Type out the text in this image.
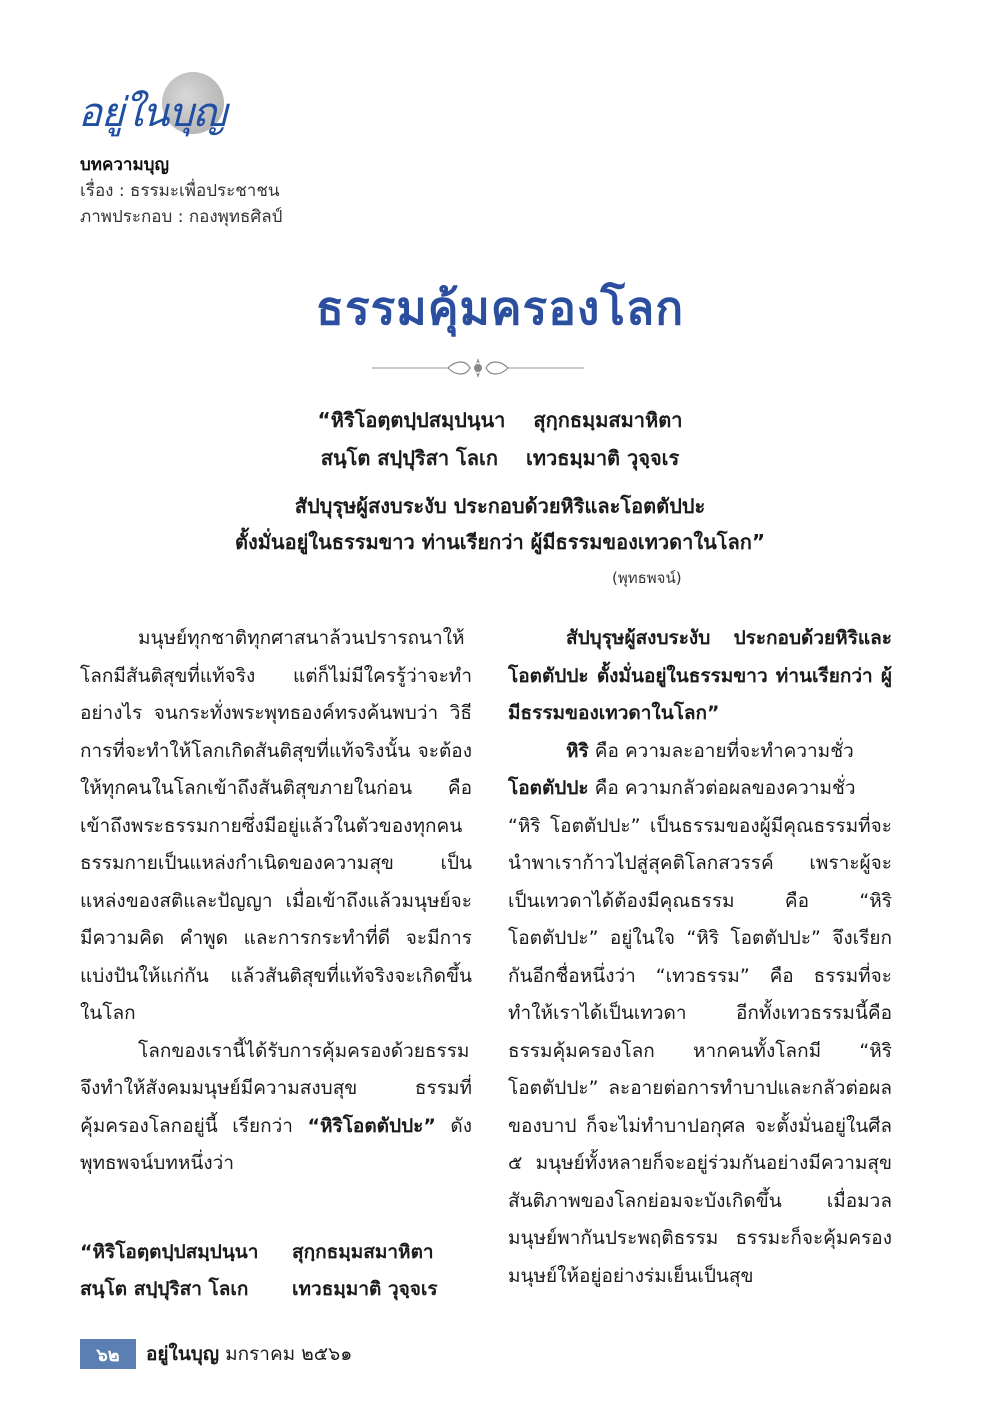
อยู่ในบุญ
บทความบุญ
เรื่อง : ธรรมะเพื่อประชาชน
ภาพประกอบ : กองพุทธศิลป์
ธรรมคุ้มครองโลก
“หิริโอตฺตปฺปสมฺปนฺนา สุกฺกธมฺมสมาหิตา
สนฺโต สปฺปุริสา โลเก เทวธมฺมาติ วุจฺจเร
สัปบุรุษผู้สงบระงับ ประกอบด้วยหิริและโอตตัปปะ
ตั้งมั่นอยู่ในธรรมขาว ท่านเรียกว่า ผู้มีธรรมของเทวดาในโลก”
(พุทธพจน์)

มนุษย์ทุกชาติทุกศาสนาล้วนปรารถนาให้โลกมีสันติสุขที่แท้จริง แต่ก็ไม่มีใครรู้ว่าจะทำอย่างไร จนกระทั่งพระพุทธองค์ทรงค้นพบว่า วิธีการที่จะทำให้โลกเกิดสันติสุขที่แท้จริงนั้น จะต้องให้ทุกคนในโลกเข้าถึงสันติสุขภายในก่อน คือ เข้าถึงพระธรรมกายซึ่งมีอยู่แล้วในตัวของทุกคน ธรรมกายเป็นแหล่งกำเนิดของความสุข เป็นแหล่งของสติและปัญญา เมื่อเข้าถึงแล้วมนุษย์จะมีความคิด คำพูด และการกระทำที่ดี จะมีการแบ่งปันให้แก่กัน แล้วสันติสุขที่แท้จริงจะเกิดขึ้นในโลก

โลกของเรานี้ได้รับการคุ้มครองด้วยธรรม จึงทำให้สังคมมนุษย์มีความสงบสุข ธรรมที่คุ้มครองโลกอยู่นี้ เรียกว่า “หิริโอตตัปปะ” ดังพุทธพจน์บทหนึ่งว่า

“หิริโอตฺตปฺปสมฺปนฺนา	สุกฺกธมฺมสมาหิตา
สนฺโต สปฺปุริสา โลเก	เทวธมฺมาติ วุจฺจเร

สัปบุรุษผู้สงบระงับ ประกอบด้วยหิริและโอตตัปปะ ตั้งมั่นอยู่ในธรรมขาว ท่านเรียกว่า ผู้มีธรรมของเทวดาในโลก”

หิริ คือ ความละอายที่จะทำความชั่ว

โอตตัปปะ คือ ความกลัวต่อผลของความชั่ว

“หิริ โอตตัปปะ” เป็นธรรมของผู้มีคุณธรรมที่จะนำพาเราก้าวไปสู่สุคติโลกสวรรค์ เพราะผู้จะเป็นเทวดาได้ต้องมีคุณธรรม คือ “หิริ โอตตัปปะ” อยู่ในใจ “หิริ โอตตัปปะ” จึงเรียกกันอีกชื่อหนึ่งว่า “เทวธรรม” คือ ธรรมที่จะทำให้เราได้เป็นเทวดา อีกทั้งเทวธรรมนี้คือ ธรรมคุ้มครองโลก หากคนทั้งโลกมี “หิริ โอตตัปปะ” ละอายต่อการทำบาปและกลัวต่อผลของบาป ก็จะไม่ทำบาปอกุศล จะตั้งมั่นอยู่ในศีล ๕ มนุษย์ทั้งหลายก็จะอยู่ร่วมกันอย่างมีความสุข สันติภาพของโลกย่อมจะบังเกิดขึ้น เมื่อมวลมนุษย์พากันประพฤติธรรม ธรรมะก็จะคุ้มครองมนุษย์ให้อยู่อย่างร่มเย็นเป็นสุข

๖๒	อยู่ในบุญ มกราคม ๒๕๖๑
